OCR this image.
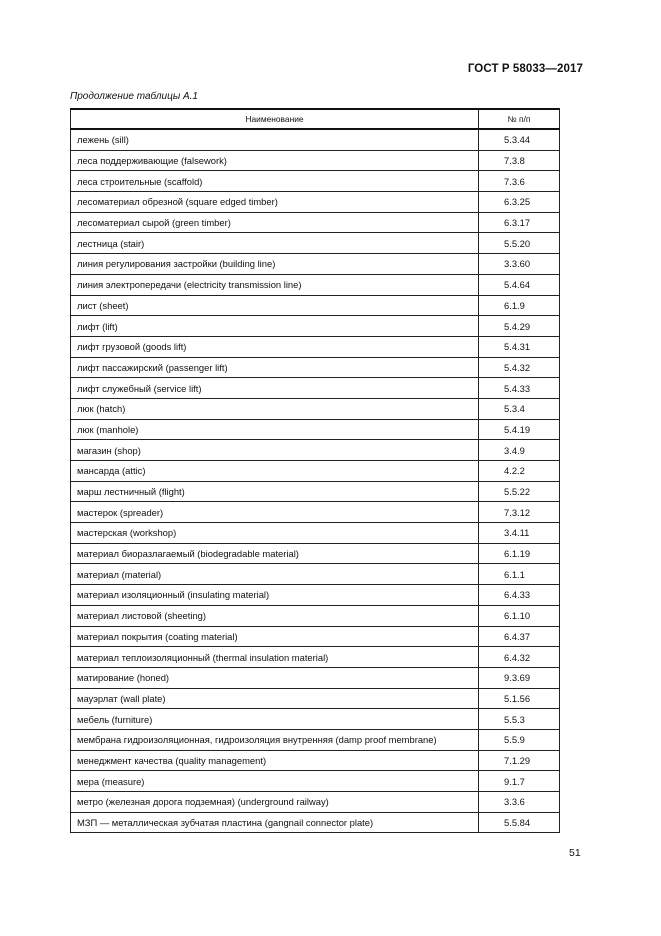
ГОСТ Р 58033—2017
Продолжение таблицы А.1
Наименование	№ п/п
лежень (sill)	5.3.44
леса поддерживающие (falsework)	7.3.8
леса строительные (scaffold)	7.3.6
лесоматериал обрезной (square edged timber)	6.3.25
лесоматериал сырой (green timber)	6.3.17
лестница (stair)	5.5.20
линия регулирования застройки (building line)	3.3.60
линия электропередачи (electricity transmission line)	5.4.64
лист (sheet)	6.1.9
лифт (lift)	5.4.29
лифт грузовой (goods lift)	5.4.31
лифт пассажирский (passenger lift)	5.4.32
лифт служебный (service lift)	5.4.33
люк (hatch)	5.3.4
люк (manhole)	5.4.19
магазин (shop)	3.4.9
мансарда (attic)	4.2.2
марш лестничный (flight)	5.5.22
мастерок (spreader)	7.3.12
мастерская (workshop)	3.4.11
материал биоразлагаемый (biodegradable material)	6.1.19
материал (material)	6.1.1
материал изоляционный (insulating material)	6.4.33
материал листовой (sheeting)	6.1.10
материал покрытия (coating material)	6.4.37
материал теплоизоляционный (thermal insulation material)	6.4.32
матирование (honed)	9.3.69
мауэрлат (wall plate)	5.1.56
мебель (furniture)	5.5.3
мембрана гидроизоляционная, гидроизоляция внутренняя (damp proof membrane)	5.5.9
менеджмент качества (quality management)	7.1.29
мера (measure)	9.1.7
метро (железная дорога подземная) (underground railway)	3.3.6
МЗП — металлическая зубчатая пластина (gangnail connector plate)	5.5.84
51
